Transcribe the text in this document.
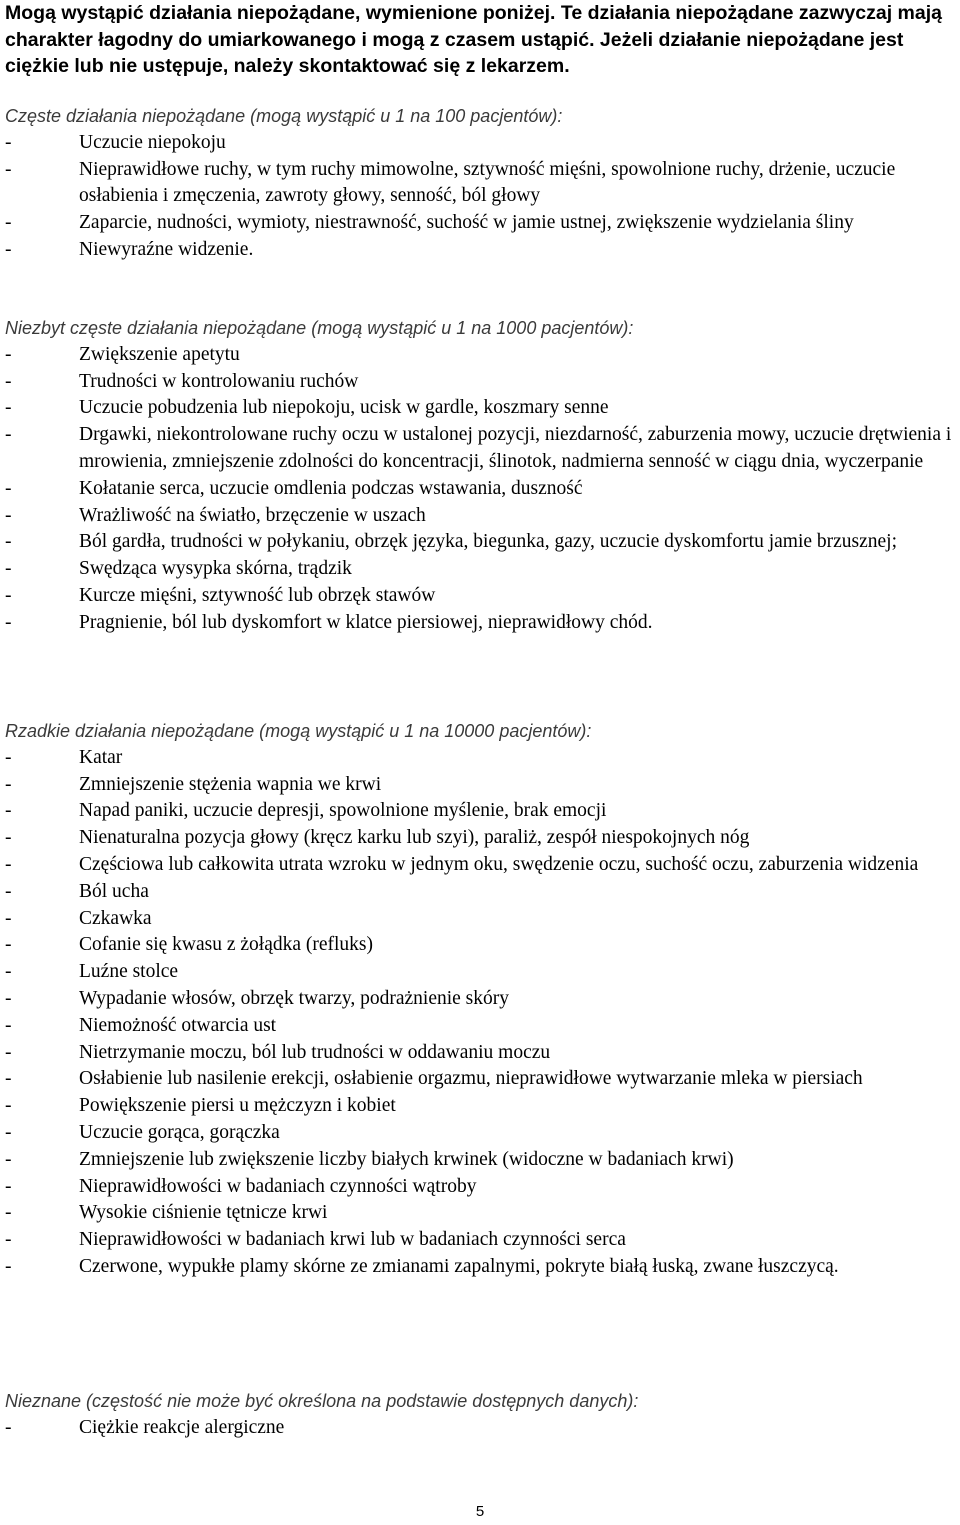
Mogą wystąpić działania niepożądane, wymienione poniżej. Te działania niepożądane zazwyczaj mają charakter łagodny do umiarkowanego i mogą z czasem ustąpić. Jeżeli działanie niepożądane jest ciężkie lub nie ustępuje, należy skontaktować się z lekarzem.

Częste działania niepożądane (mogą wystąpić u 1 na 100 pacjentów):
-	Uczucie niepokoju
-	Nieprawidłowe ruchy, w tym ruchy mimowolne, sztywność mięśni, spowolnione ruchy, drżenie, uczucie osłabienia i zmęczenia, zawroty głowy, senność, ból głowy
-	Zaparcie, nudności, wymioty, niestrawność, suchość w jamie ustnej, zwiększenie wydzielania śliny
-	Niewyraźne widzenie.
Niezbyt częste działania niepożądane (mogą wystąpić u 1 na 1000 pacjentów):
-	Zwiększenie apetytu
-	Trudności w kontrolowaniu ruchów
-	Uczucie pobudzenia lub niepokoju, ucisk w gardle, koszmary senne
-	Drgawki, niekontrolowane ruchy oczu w ustalonej pozycji, niezdarność, zaburzenia mowy, uczucie drętwienia i mrowienia, zmniejszenie zdolności do koncentracji, ślinotok, nadmierna senność w ciągu dnia, wyczerpanie
-	Kołatanie serca, uczucie omdlenia podczas wstawania, duszność
-	Wrażliwość na światło, brzęczenie w uszach
-	Ból gardła, trudności w połykaniu, obrzęk języka, biegunka, gazy, uczucie dyskomfortu jamie brzusznej;
-	Swędząca wysypka skórna, trądzik
-	Kurcze mięśni, sztywność lub obrzęk stawów
-	Pragnienie, ból lub dyskomfort w klatce piersiowej, nieprawidłowy chód.
Rzadkie działania niepożądane (mogą wystąpić u 1 na 10000 pacjentów):
-	Katar
-	Zmniejszenie stężenia wapnia we krwi
-	Napad paniki, uczucie depresji, spowolnione myślenie, brak emocji
-	Nienaturalna pozycja głowy (kręcz karku lub szyi), paraliż, zespół niespokojnych nóg
-	Częściowa lub całkowita utrata wzroku w jednym oku, swędzenie oczu, suchość oczu, zaburzenia widzenia
-	Ból ucha
-	Czkawka
-	Cofanie się kwasu z żołądka (refluks)
-	Luźne stolce
-	Wypadanie włosów, obrzęk twarzy, podrażnienie skóry
-	Niemożność otwarcia ust
-	Nietrzymanie moczu, ból lub trudności w oddawaniu moczu
-	Osłabienie lub nasilenie erekcji, osłabienie orgazmu, nieprawidłowe wytwarzanie mleka w piersiach
-	Powiększenie piersi u mężczyzn i kobiet
-	Uczucie gorąca, gorączka
-	Zmniejszenie lub zwiększenie liczby białych krwinek (widoczne w badaniach krwi)
-	Nieprawidłowości w badaniach czynności wątroby
-	Wysokie ciśnienie tętnicze krwi
-	Nieprawidłowości w badaniach krwi lub w badaniach czynności serca
-	Czerwone, wypukłe plamy skórne ze zmianami zapalnymi, pokryte białą łuską, zwane łuszczycą.
Nieznane (częstość nie może być określona na podstawie dostępnych danych):
-	Ciężkie reakcje alergiczne
5
